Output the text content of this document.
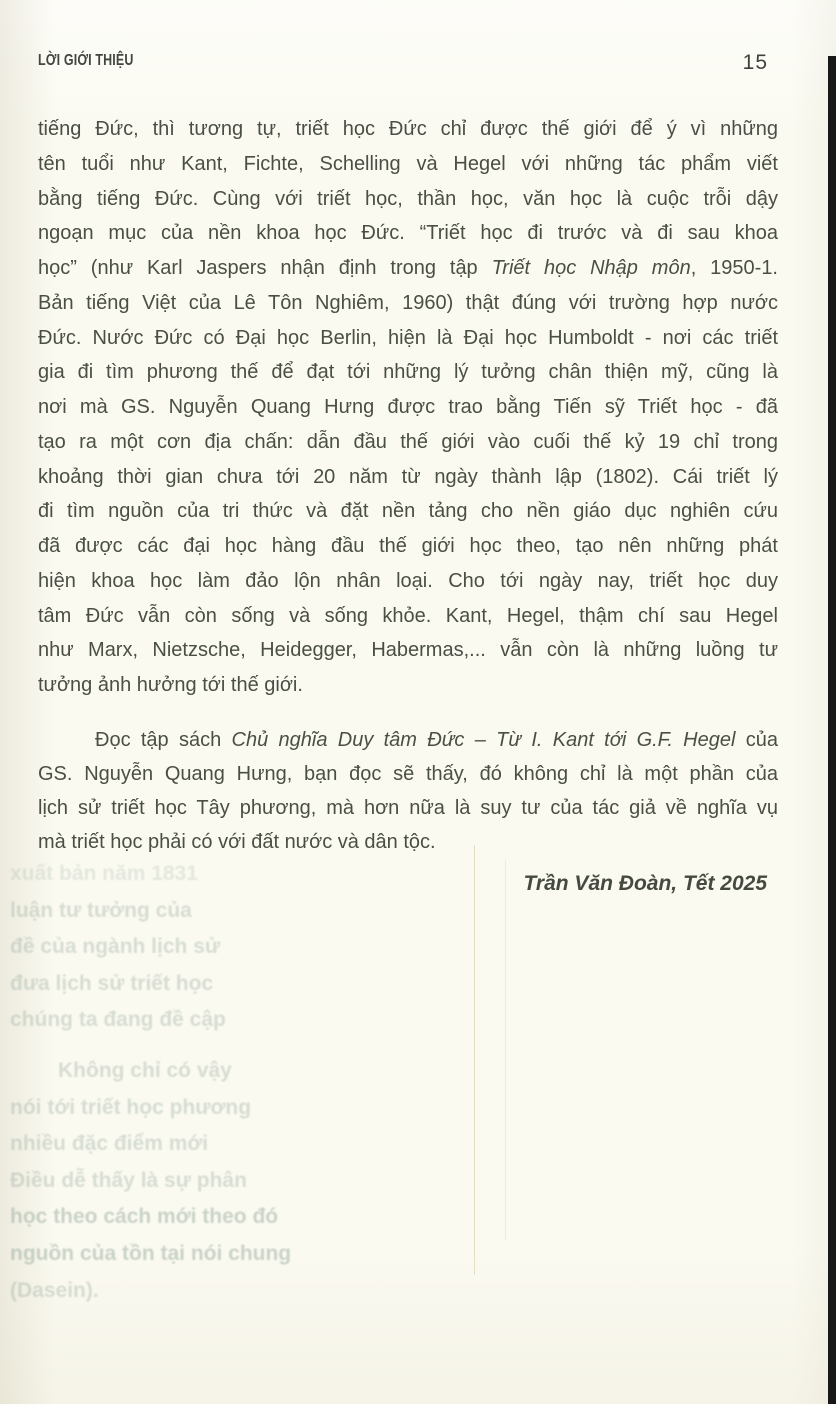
LỜI GIỚI THIỆU	15
tiếng Đức, thì tương tự, triết học Đức chỉ được thế giới để ý vì những
tên tuổi như Kant, Fichte, Schelling và Hegel với những tác phẩm viết
bằng tiếng Đức. Cùng với triết học, thần học, văn học là cuộc trỗi dậy
ngoạn mục của nền khoa học Đức. “Triết học đi trước và đi sau khoa
học” (như Karl Jaspers nhận định trong tập Triết học Nhập môn, 1950-1.
Bản tiếng Việt của Lê Tôn Nghiêm, 1960) thật đúng với trường hợp nước
Đức. Nước Đức có Đại học Berlin, hiện là Đại học Humboldt - nơi các triết
gia đi tìm phương thế để đạt tới những lý tưởng chân thiện mỹ, cũng là
nơi mà GS. Nguyễn Quang Hưng được trao bằng Tiến sỹ Triết học - đã
tạo ra một cơn địa chấn: dẫn đầu thế giới vào cuối thế kỷ 19 chỉ trong
khoảng thời gian chưa tới 20 năm từ ngày thành lập (1802). Cái triết lý
đi tìm nguồn của tri thức và đặt nền tảng cho nền giáo dục nghiên cứu
đã được các đại học hàng đầu thế giới học theo, tạo nên những phát
hiện khoa học làm đảo lộn nhân loại. Cho tới ngày nay, triết học duy
tâm Đức vẫn còn sống và sống khỏe. Kant, Hegel, thậm chí sau Hegel
như Marx, Nietzsche, Heidegger, Habermas,... vẫn còn là những luồng tư
tưởng ảnh hưởng tới thế giới.
Đọc tập sách Chủ nghĩa Duy tâm Đức – Từ I. Kant tới G.F. Hegel của
GS. Nguyễn Quang Hưng, bạn đọc sẽ thấy, đó không chỉ là một phần của
lịch sử triết học Tây phương, mà hơn nữa là suy tư của tác giả về nghĩa vụ
mà triết học phải có với đất nước và dân tộc.
Trần Văn Đoàn, Tết 2025
xuất bản năm 1831
luận tư tưởng của
đề của ngành lịch sử
đưa lịch sử triết học
chúng ta đang đề cập
Không chỉ có vậy
nói tới triết học phương
nhiều đặc điểm mới
Điều dễ thấy là sự phân
học theo cách mới theo đó
nguồn của tồn tại nói chung
(Dasein).
